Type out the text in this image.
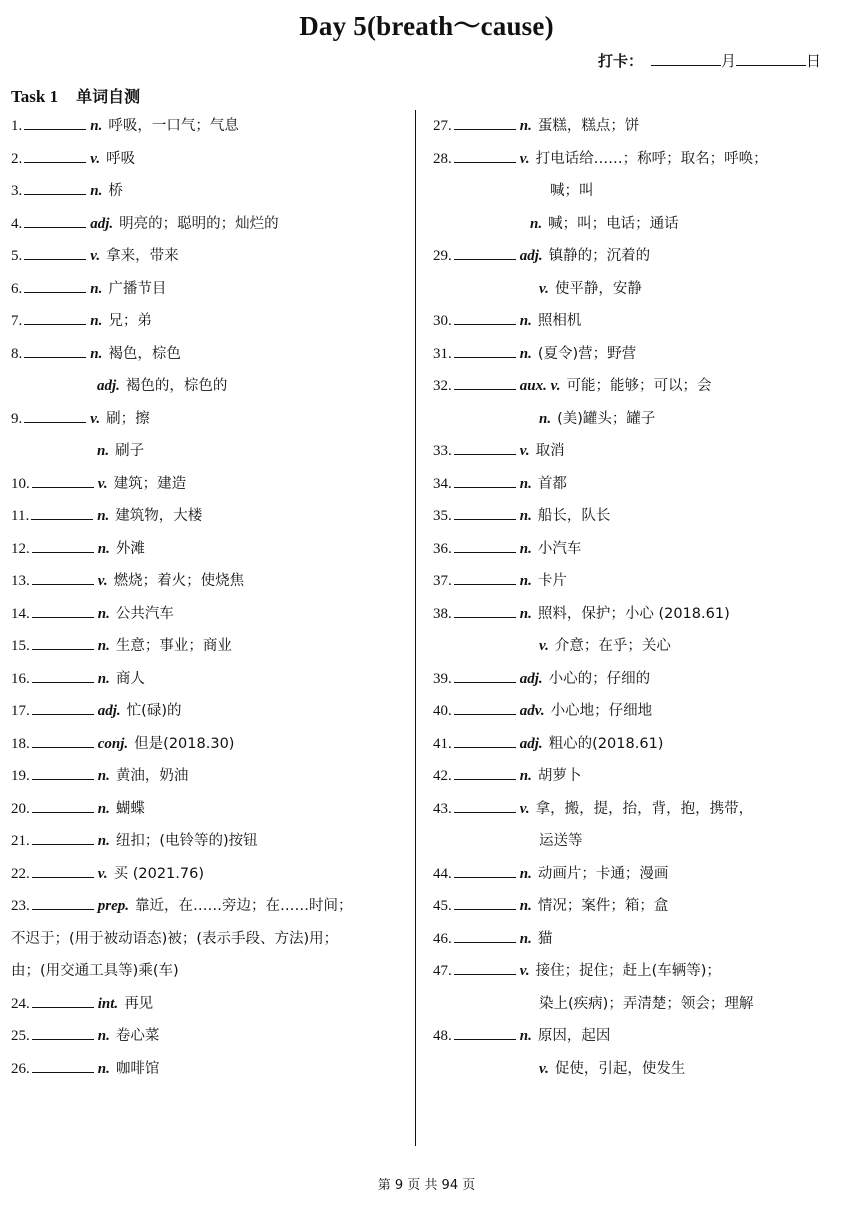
Day 5(breath～cause)
打卡：	月	日
Task 1 单词自测
1.	n. 呼吸，一口气；气息
2.	v. 呼吸
3.	n. 桥
4.	adj. 明亮的；聪明的；灿烂的
5.	v. 拿来，带来
6.	n. 广播节目
7.	n. 兄；弟
8.	n. 褐色，棕色
adj. 褐色的，棕色的
9.	v. 刷；擦
n. 刷子
10.	v. 建筑；建造
11.	n. 建筑物，大楼
12.	n. 外滩
13.	v. 燃烧；着火；使烧焦
14.	n. 公共汽车
15.	n. 生意；事业；商业
16.	n. 商人
17.	adj. 忙(碌)的
18.	conj. 但是(2018.30)
19.	n. 黄油，奶油
20.	n. 蝴蝶
21.	n. 纽扣；(电铃等的)按钮
22.	v. 买 (2021.76)
23.	prep. 靠近，在……旁边；在……时间；
不迟于；(用于被动语态)被；(表示手段、方法)用；
由；(用交通工具等)乘(车)
24.	int. 再见
25.	n. 卷心菜
26.	n. 咖啡馆
27.	n. 蛋糕，糕点；饼
28.	v. 打电话给……；称呼；取名；呼唤；
喊；叫
n. 喊；叫；电话；通话
29.	adj. 镇静的；沉着的
v. 使平静，安静
30.	n. 照相机
31.	n. (夏令)营；野营
32.	aux. v. 可能；能够；可以；会
n. (美)罐头；罐子
33.	v. 取消
34.	n. 首都
35.	n. 船长，队长
36.	n. 小汽车
37.	n. 卡片
38.	n. 照料，保护；小心 (2018.61)
v. 介意；在乎；关心
39.	adj. 小心的；仔细的
40.	adv. 小心地；仔细地
41.	adj. 粗心的(2018.61)
42.	n. 胡萝卜
43.	v. 拿，搬，提，抬，背，抱，携带，
运送等
44.	n. 动画片；卡通；漫画
45.	n. 情况；案件；箱；盒
46.	n. 猫
47.	v. 接住；捉住；赶上(车辆等)；
染上(疾病)；弄清楚；领会；理解
48.	n. 原因，起因
v. 促使，引起，使发生
第 9 页 共 94 页
